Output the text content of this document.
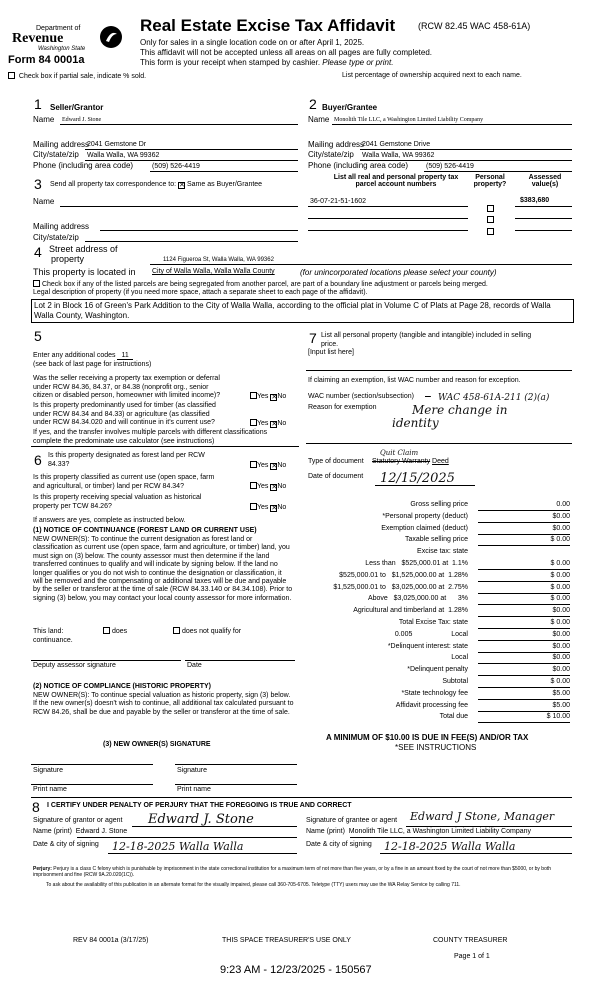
Department of
Revenue
Washington State
Form 84 0001a
Real Estate Excise Tax Affidavit	(RCW 82.45 WAC 458-61A)
Only for sales in a single location code on or after April 1, 2025.
This affidavit will not be accepted unless all areas on all pages are fully completed.
This form is your receipt when stamped by cashier. Please type or print.
Check box if partial sale, indicate % sold.	List percentage of ownership acquired next to each name.
1 Seller/Grantor
Name Edward J. Stone
Mailing address
2041 Gemstone Dr
City/state/zip Walla Walla, WA 99362
Phone (including area code)	(509) 526-4419
2 Buyer/Grantee
Name Monolith Tile LLC, a Washington Limited Liability Company
Mailing address
2041 Gemstone Drive
City/state/zip Walla Walla, WA 99362
Phone (including area code)	(509) 526-4419
3 Send all property tax correspondence to: ✕ Same as Buyer/Grantee
Name
Mailing address
City/state/zip
List all real and personal property tax
parcel account numbers
Personal
property?
Assessed
value(s)
36-07-21-51-1602	$383,680
4 Street address of
property	1124 Figueroa St, Walla Walla, WA 99362
This property is located in City of Walla Walla, Walla Walla County	(for unincorporated locations please select your county)
Check box if any of the listed parcels are being segregated from another parcel, are part of a boundary line adjustment or parcels being merged.
Legal description of property (if you need more space, attach a separate sheet to each page of the affidavit).
Lot 2 in Block 16 of Green's Park Addition to the City of Walla Walla, according to the official plat in Volume C of Plats at Page 28, records of Walla Walla County, Washington.
5
Enter any additional codes 11
(see back of last page for instructions)
Was the seller receiving a property tax exemption or deferral
under RCW 84.36, 84.37, or 84.38 (nonprofit org., senior
citizen or disabled person, homeowner with limited income)?	Yes ✕No
Is this property predominantly used for timber (as classified
under RCW 84.34 and 84.33) or agriculture (as classified
under RCW 84.34.020 and will continue in it's current use?	Yes ✕No
If yes, and the transfer involves multiple parcels with different classifications
complete the predominate use calculator (see instructions)
6 Is this property designated as forest land per RCW
84.33?	Yes ✕No
Is this property classified as current use (open space, farm
and agricultural, or timber) land per RCW 84.34?	Yes ✕No
Is this property receiving special valuation as historical
property per TCW 84.26?	Yes ✕No
If answers are yes, complete as instructed below.
(1) NOTICE OF CONTINUANCE (FOREST LAND OR CURRENT USE)
NEW OWNER(S): To continue the current designation as forest land or classification as current use (open space, farm and agriculture, or timber) land, you must sign on (3) below. The county assessor must then determine if the land transferred continues to qualify and will indicate by signing below. If the land no longer qualifies or you do not wish to continue the designation or classification, it will be removed and the compensating or additional taxes will be due and payable by the seller or transferor at the time of sale (RCW 84.33.140 or 84.34.108). Prior to signing (3) below, you may contact your local county assessor for more information.
This land:
continuance.
does	does not qualify for
Deputy assessor signature	Date
(2) NOTICE OF COMPLIANCE (HISTORIC PROPERTY)
NEW OWNER(S): To continue special valuation as historic property, sign (3) below. If the new owner(s) doesn't wish to continue, all additional tax calculated pursuant to RCW 84.26, shall be due and payable by the seller or transferor at the time of sale.
(3) NEW OWNER(S) SIGNATURE
Signature	Signature
Print name	Print name
7 List all personal property (tangible and intangible) included in selling
price.
[Input list here]
If claiming an exemption, list WAC number and reason for exception.
WAC number (section/subsection)
	WAC 458-61A-211 (2)(a)
Reason for exemption	Mere change in
identity
Type of document Statutory Warranty Deed
Quit Claim
Date of document 12/15/2025
Gross selling price	0.00
*Personal property (deduct)	$0.00
Exemption claimed (deduct)	$0.00
Taxable selling price	$ 0.00
Excise tax: state
Less than   $525,000.01 at  1.1%	$ 0.00
$525,000.01 to   $1,525,000.00 at  1.28%	$ 0.00
$1,525,000.01 to   $3,025,000.00 at  2.75%	$ 0.00
Above   $3,025,000.00 at      3%	$ 0.00
Agricultural and timberland at  1.28%	$0.00
Total Excise Tax: state	$ 0.00
0.005                    Local	$0.00
*Delinquent interest: state	$0.00
Local	$0.00
*Delinquent penalty	$0.00
Subtotal	$ 0.00
*State technology fee	$5.00
Affidavit processing fee	$5.00
Total due	$ 10.00
A MINIMUM OF $10.00 IS DUE IN FEE(S) AND/OR TAX
*SEE INSTRUCTIONS
8 I CERTIFY UNDER PENALTY OF PERJURY THAT THE FOREGOING IS TRUE AND CORRECT
Signature of grantor or agent Edward J. Stone
Name (print) Edward J. Stone
Date & city of signing 12-18-2025 Walla Walla
Signature of grantee or agent Edward J Stone, Manager
Name (print) Monolith Tile LLC, a Washington Limited Liability Company
Date & city of signing 12-18-2025 Walla Walla
Perjury: Perjury is a class C felony which is punishable by imprisonment in the state correctional institution for a maximum term of not more than five years, or by a fine in an amount fixed by the court of not more than $5000, or by both imprisonment and fine (RCW 9A.20.020(1C)).
To ask about the availability of this publication in an alternate format for the visually impaired, please call 360-705-6705. Teletype (TTY) users may use the WA Relay Service by calling 711.
REV 84 0001a (3/17/25)	THIS SPACE TREASURER'S USE ONLY	COUNTY TREASURER
Page 1 of 1
9:23 AM - 12/23/2025 - 150567
